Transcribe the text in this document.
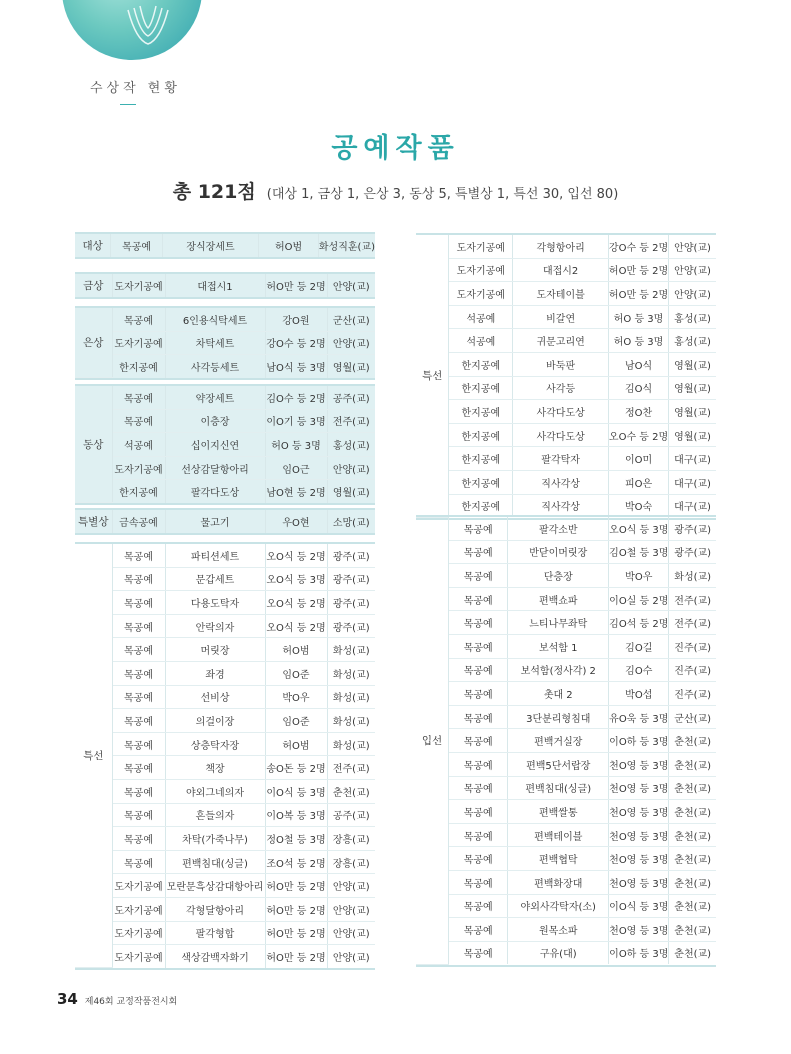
수상작 현황
공예작품
총 121점 (대상 1, 금상 1, 은상 3, 동상 5, 특별상 1, 특선 30, 입선 80)
대상	목공예	장식장세트	허O범	화성직훈(교)
금상	도자기공예	대접시1	허O만 등 2명	안양(교)
은상	목공예	6인용식탁세트	강O원	군산(교)
	도자기공예	차탁세트	강O수 등 2명	안양(교)
	한지공예	사각등세트	남O식 등 3명	영월(교)
동상	목공예	약장세트	김O수 등 2명	공주(교)
	목공예	이층장	이O기 등 3명	전주(교)
	석공예	십이지신연	허O 등 3명	홍성(교)
	도자기공예	선상감달항아리	임O근	안양(교)
	한지공예	팔각다도상	남O현 등 2명	영월(교)
특별상	금속공예	물고기	우O현	소망(교)
특선	목공예	파티션세트	오O식 등 2명	광주(교)
	목공예	문갑세트	오O식 등 3명	광주(교)
	목공예	다용도탁자	오O식 등 2명	광주(교)
	목공예	안락의자	오O식 등 2명	광주(교)
	목공예	머릿장	허O범	화성(교)
	목공예	좌경	임O준	화성(교)
	목공예	선비상	박O우	화성(교)
	목공예	의걸이장	임O준	화성(교)
	목공예	상층탁자장	허O범	화성(교)
	목공예	책장	송O돈 등 2명	전주(교)
	목공예	야외그네의자	이O식 등 3명	춘천(교)
	목공예	흔들의자	이O복 등 3명	공주(교)
	목공예	차탁(가죽나무)	정O철 등 3명	장흥(교)
	목공예	편백침대(싱글)	조O석 등 2명	장흥(교)
	도자기공예	모란문흑상감대항아리	허O만 등 2명	안양(교)
	도자기공예	각형달항아리	허O만 등 2명	안양(교)
	도자기공예	팔각형합	허O만 등 2명	안양(교)
	도자기공예	색상감백자화기	허O만 등 2명	안양(교)
특선	도자기공예	각형항아리	강O수 등 2명	안양(교)
	도자기공예	대접시2	허O만 등 2명	안양(교)
	도자기공예	도자테이블	허O만 등 2명	안양(교)
	석공예	비갈연	허O 등 3명	홍성(교)
	석공예	귀문고리연	허O 등 3명	홍성(교)
	한지공예	바둑판	남O식	영월(교)
	한지공예	사각등	김O식	영월(교)
	한지공예	사각다도상	정O찬	영월(교)
	한지공예	사각다도상	오O수 등 2명	영월(교)
	한지공예	팔각탁자	이O미	대구(교)
	한지공예	직사각상	피O은	대구(교)
	한지공예	직사각상	박O숙	대구(교)
입선	목공예	팔각소반	오O식 등 3명	광주(교)
	목공예	반닫이머릿장	김O철 등 3명	광주(교)
	목공예	단층장	박O우	화성(교)
	목공예	편백쇼파	이O실 등 2명	전주(교)
	목공예	느티나무좌탁	김O석 등 2명	전주(교)
	목공예	보석함 1	김O길	진주(교)
	목공예	보석함(정사각) 2	김O수	진주(교)
	목공예	촛대 2	박O섭	진주(교)
	목공예	3단분리형침대	유O욱 등 3명	군산(교)
	목공예	편백거실장	이O하 등 3명	춘천(교)
	목공예	편백5단서랍장	천O영 등 3명	춘천(교)
	목공예	편백침대(싱글)	천O영 등 3명	춘천(교)
	목공예	편백쌀통	천O영 등 3명	춘천(교)
	목공예	편백테이블	천O영 등 3명	춘천(교)
	목공예	편백협탁	천O영 등 3명	춘천(교)
	목공예	편백화장대	천O영 등 3명	춘천(교)
	목공예	야외사각탁자(소)	이O식 등 3명	춘천(교)
	목공예	원목소파	천O영 등 3명	춘천(교)
	목공예	구유(대)	이O하 등 3명	춘천(교)
34 제46회 교정작품전시회
